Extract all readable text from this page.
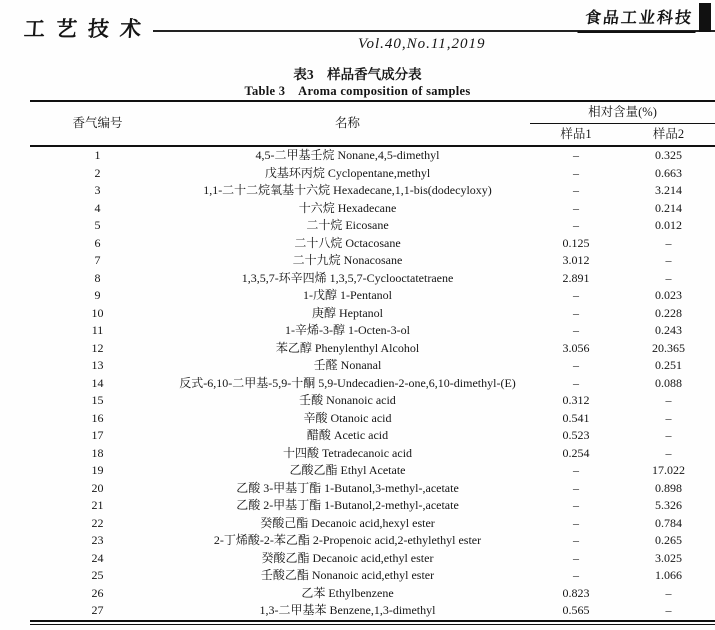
工艺技术	食品工业科技
Vol.40,No.11,2019
表3　样品香气成分表
Table 3　Aroma composition of samples
香气编号	名称	相对含量(%)	
		样品1	样品2
1	4,5-二甲基壬烷 Nonane,4,5-dimethyl	–	0.325
2	戊基环丙烷 Cyclopentane,methyl	–	0.663
3	1,1-二十二烷氧基十六烷 Hexadecane,1,1-bis(dodecyloxy)	–	3.214
4	十六烷 Hexadecane	–	0.214
5	二十烷 Eicosane	–	0.012
6	二十八烷 Octacosane	0.125	–
7	二十九烷 Nonacosane	3.012	–
8	1,3,5,7-环辛四烯 1,3,5,7-Cyclooctatetraene	2.891	–
9	1-戊醇 1-Pentanol	–	0.023
10	庚醇 Heptanol	–	0.228
11	1-辛烯-3-醇 1-Octen-3-ol	–	0.243
12	苯乙醇 Phenylenthyl Alcohol	3.056	20.365
13	壬醛 Nonanal	–	0.251
14	反式-6,10-二甲基-5,9-十酮 5,9-Undecadien-2-one,6,10-dimethyl-(E)	–	0.088
15	壬酸 Nonanoic acid	0.312	–
16	辛酸 Otanoic acid	0.541	–
17	醋酸 Acetic acid	0.523	–
18	十四酸 Tetradecanoic acid	0.254	–
19	乙酸乙酯 Ethyl Acetate	–	17.022
20	乙酸 3-甲基丁酯 1-Butanol,3-methyl-,acetate	–	0.898
21	乙酸 2-甲基丁酯 1-Butanol,2-methyl-,acetate	–	5.326
22	癸酸己酯 Decanoic acid,hexyl ester	–	0.784
23	2-丁烯酸-2-苯乙酯 2-Propenoic acid,2-ethylethyl ester	–	0.265
24	癸酸乙酯 Decanoic acid,ethyl ester	–	3.025
25	壬酸乙酯 Nonanoic acid,ethyl ester	–	1.066
26	乙苯 Ethylbenzene	0.823	–
27	1,3-二甲基苯 Benzene,1,3-dimethyl	0.565	–
